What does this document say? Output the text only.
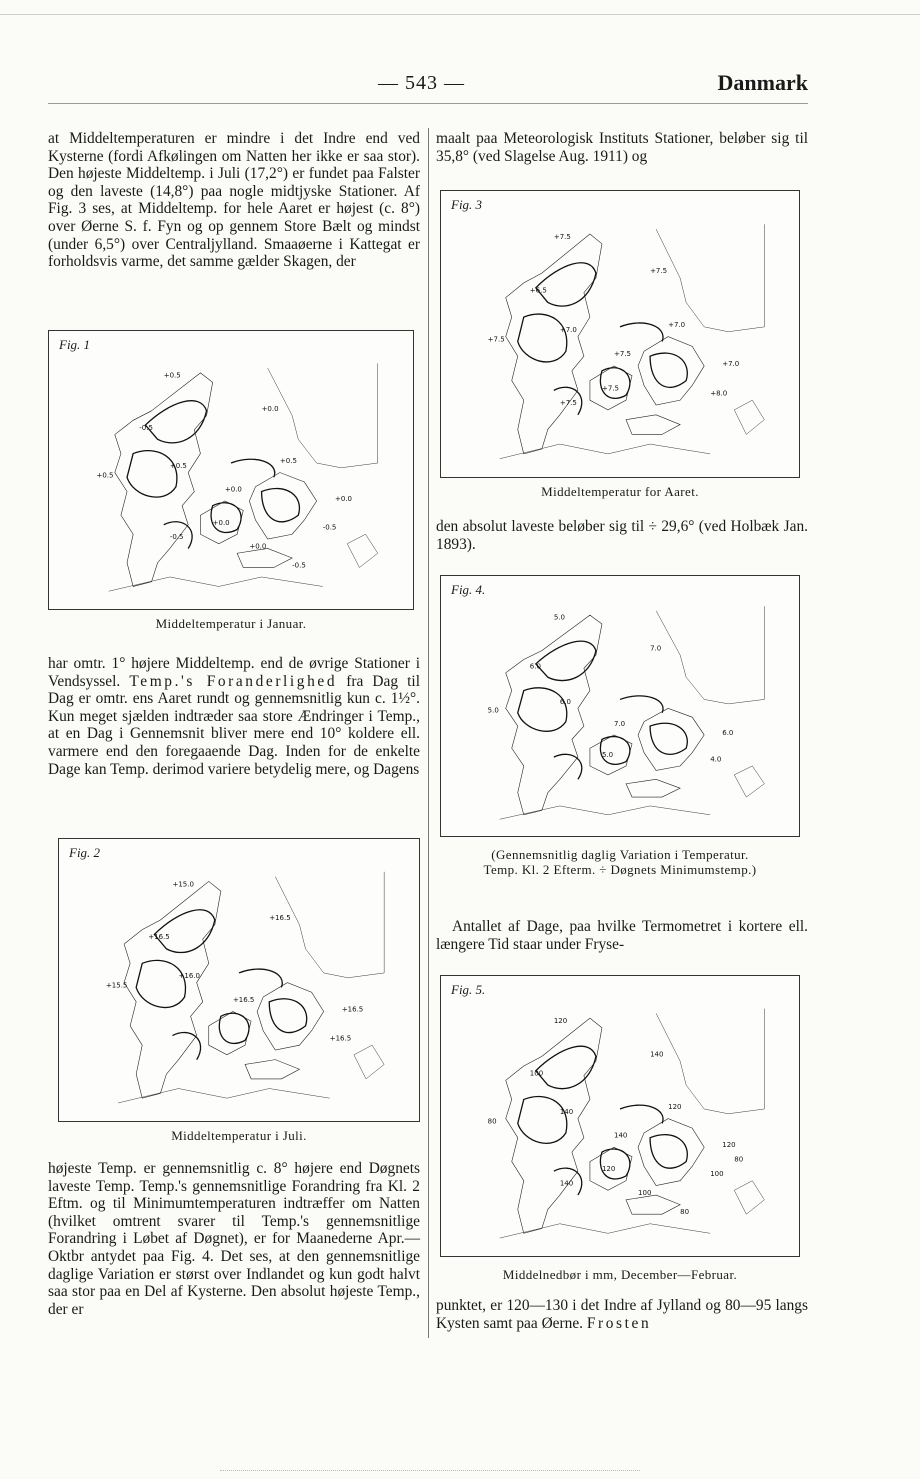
— 543 —	Danmark

at Middeltemperaturen er mindre i det Indre end ved Kysterne (fordi Afkølingen om Natten her ikke er saa stor). Den højeste Middeltemp. i Juli (17,2°) er fundet paa Falster og den laveste (14,8°) paa nogle midtjyske Stationer. Af Fig. 3 ses, at Middeltemp. for hele Aaret er højest (c. 8°) over Øerne S. f. Fyn og op gennem Store Bælt og mindst (under 6,5°) over Centraljylland. Smaaøerne i Kattegat er forholdsvis varme, det samme gælder Skagen, der

Fig. 1
+0.5
+0.0
-0.5
+0.5
+0.5
+0.0
+0.0
-0.5
+0.0
-0.5
+0.5
+0.0
-0.5
Middeltemperatur i Januar.

har omtr. 1° højere Middeltemp. end de øvrige Stationer i Vendsyssel. Temp.'s Foranderlighed fra Dag til Dag er omtr. ens Aaret rundt og gennemsnitlig kun c. 1½°. Kun meget sjælden indtræder saa store Ændringer i Temp., at en Dag i Gennemsnit bliver mere end 10° koldere ell. varmere end den foregaaende Dag. Inden for de enkelte Dage kan Temp. derimod variere betydelig mere, og Dagens

Fig. 2
+15.0
+16.5
+16.5
+15.5
+16.0
+16.5
+16.5
+16.5
Middeltemperatur i Juli.

højeste Temp. er gennemsnitlig c. 8° højere end Døgnets laveste Temp. Temp.'s gennemsnitlige Forandring fra Kl. 2 Eftm. og til Minimumtemperaturen indtræffer om Natten (hvilket omtrent svarer til Temp.'s gennemsnitlige Forandring i Løbet af Døgnet), er for Maanederne Apr.—Oktbr antydet paa Fig. 4. Det ses, at den gennemsnitlige daglige Variation er størst over Indlandet og kun godt halvt saa stor paa en Del af Kysterne. Den absolut højeste Temp., der er

maalt paa Meteorologisk Instituts Stationer, beløber sig til 35,8° (ved Slagelse Aug. 1911) og

Fig. 3
+7.5
+7.5
+6.5
+7.5
+7.0
+7.5
+7.0
+8.0
+7.5
+7.5
+7.0
Middeltemperatur for Aaret.

den absolut laveste beløber sig til ÷ 29,6° (ved Holbæk Jan. 1893).

Fig. 4.
5.0
7.0
6.0
5.0
6.0
7.0
6.0
4.0
5.0
(Gennemsnitlig daglig Variation i Temperatur.
Temp. Kl. 2 Efterm. ÷ Døgnets Minimumstemp.)

Antallet af Dage, paa hvilke Termometret i kortere ell. længere Tid staar under Fryse-

Fig. 5.
120
140
100
80
140
140
120
100
120
140
120
100
80
80
Middelnedbør i mm, December—Februar.

punktet, er 120—130 i det Indre af Jylland og 80—95 langs Kysten samt paa Øerne. Frosten
